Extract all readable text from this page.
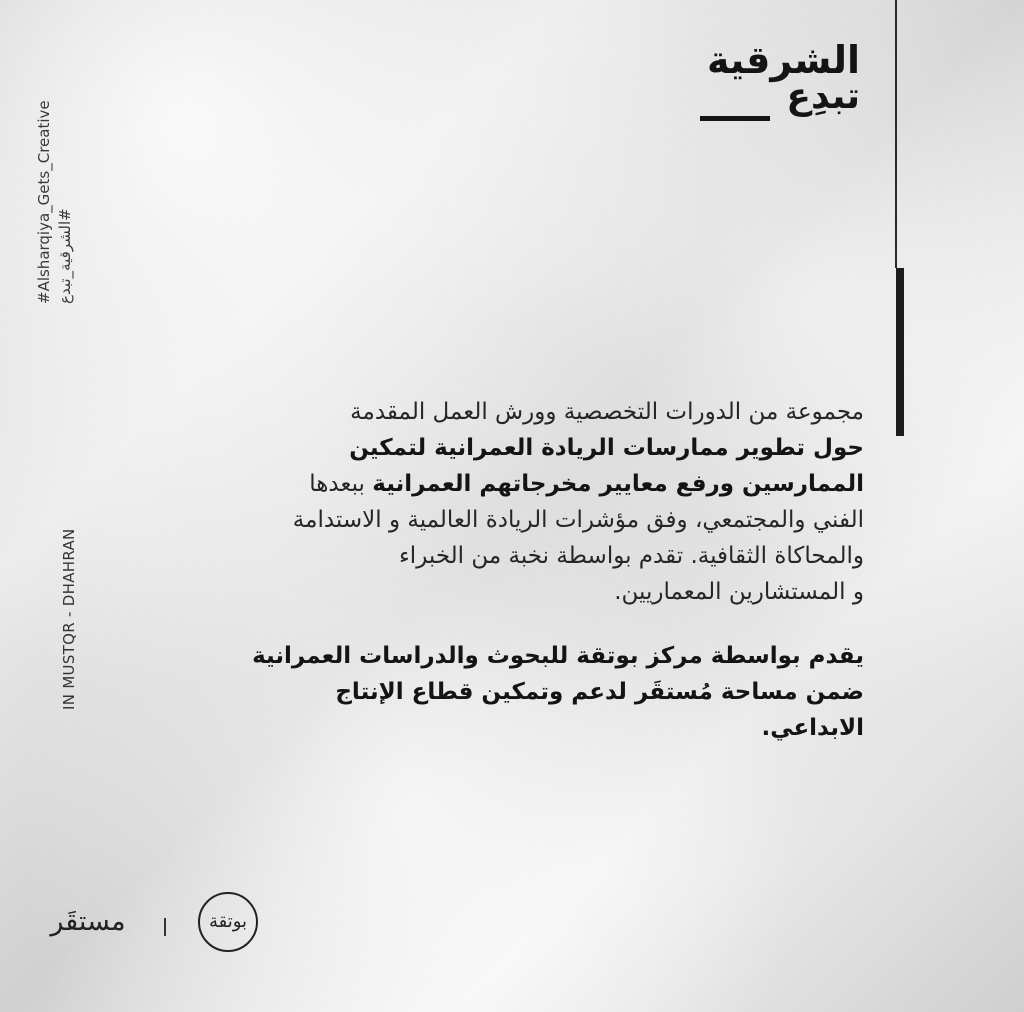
#Alsharqiya_Gets_Creative #الشرقية_تبدع
IN MUSTQR - DHAHRAN
الشرقية
تبدِع
مجموعة من الدورات التخصصية وورش العمل المقدمة
حول تطوير ممارسات الريادة العمرانية لتمكين
الممارسين ورفع معايير مخرجاتهم العمرانية ببعدها
الفني والمجتمعي، وفق مؤشرات الريادة العالمية و الاستدامة
والمحاكاة الثقافية. تقدم بواسطة نخبة من الخبراء
و المستشارين المعماريين.
يقدم بواسطة مركز بوتقة للبحوث والدراسات العمرانية
ضمن مساحة مُستقَر لدعم وتمكين قطاع الإنتاج
الابداعي.
مستقَر	بوتقة
